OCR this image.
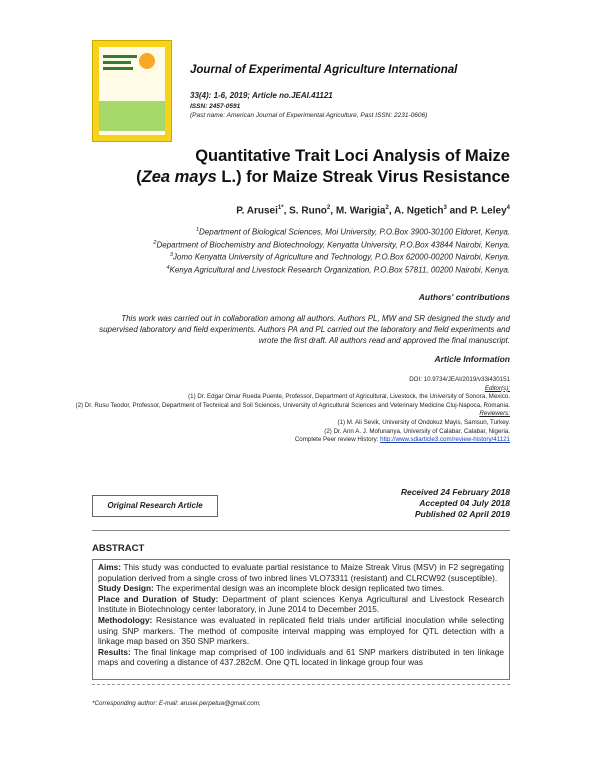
Journal of Experimental Agriculture International
33(4): 1-6, 2019; Article no.JEAI.41121
ISSN: 2457-0591
(Past name: American Journal of Experimental Agriculture, Past ISSN: 2231-0606)
Quantitative Trait Loci Analysis of Maize
(Zea mays L.) for Maize Streak Virus Resistance
P. Arusei$^{1*}$, S. Runo$^2$, M. Warigia$^2$, A. Ngetich$^3$ and P. Leley$^4$
$^1$Department of Biological Sciences, Moi University, P.O.Box 3900-30100 Eldoret, Kenya.
$^2$Department of Biochemistry and Biotechnology, Kenyatta University, P.O.Box 43844 Nairobi, Kenya.
$^3$Jomo Kenyatta University of Agriculture and Technology, P.O.Box 62000-00200 Nairobi, Kenya.
$^4$Kenya Agricultural and Livestock Research Organization, P.O.Box 57811, 00200 Nairobi, Kenya.
Authors' contributions
This work was carried out in collaboration among all authors. Authors PL, MW and SR designed the study and supervised laboratory and field experiments. Authors PA and PL carried out the laboratory and field experiments and wrote the first draft. All authors read and approved the final manuscript.
Article Information
DOI: 10.9734/JEAI/2019/v33i430151
Editor(s):
(1) Dr. Edgar Omar Rueda Puente, Professor, Department of Agricultural, Livestock, the University of Sonora, Mexico.
(2) Dr. Rusu Teodor, Professor, Department of Technical and Soil Sciences, University of Agricultural Sciences and Veterinary Medicine Cluj-Napoca, Romania.
Reviewers:
(1) M. Ali Sevik, University of Ondokuz Mayis, Samsun, Turkey.
(2) Dr. Ann A. J. Mofunanya, University of Calabar, Calabar, Nigeria.
Complete Peer review History: http://www.sdiarticle3.com/review-history/41121
Original Research Article
Received 24 February 2018
Accepted 04 July 2018
Published 02 April 2019
ABSTRACT

Aims: This study was conducted to evaluate partial resistance to Maize Streak Virus (MSV) in F2 segregating population derived from a single cross of two inbred lines VLO73311 (resistant) and CLRCW92 (susceptible).

Study Design: The experimental design was an incomplete block design replicated two times.

Place and Duration of Study: Department of plant sciences Kenya Agricultural and Livestock Research Institute in Biotechnology center laboratory, in June 2014 to December 2015.

Methodology: Resistance was evaluated in replicated field trials under artificial inoculation while selecting using SNP markers. The method of composite interval mapping was employed for QTL detection with a linkage map based on 350 SNP markers.

Results: The final linkage map comprised of 100 individuals and 61 SNP markers distributed in ten linkage maps and covering a distance of 437.282cM. One QTL located in linkage group four was

*Corresponding author: E-mail: arusei.perpetua@gmail.com;
